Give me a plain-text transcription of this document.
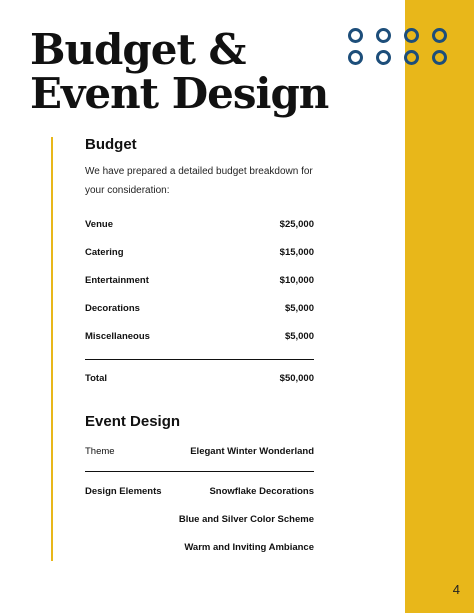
4
Budget &
Event Design
Budget

We have prepared a detailed budget breakdown for your consideration:

Venue	$25,000
Catering	$15,000
Entertainment	$10,000
Decorations	$5,000
Miscellaneous	$5,000
Total	$50,000
Event Design
Theme	Elegant Winter Wonderland
Design Elements	Snowflake Decorations
Blue and Silver Color Scheme
Warm and Inviting Ambiance
